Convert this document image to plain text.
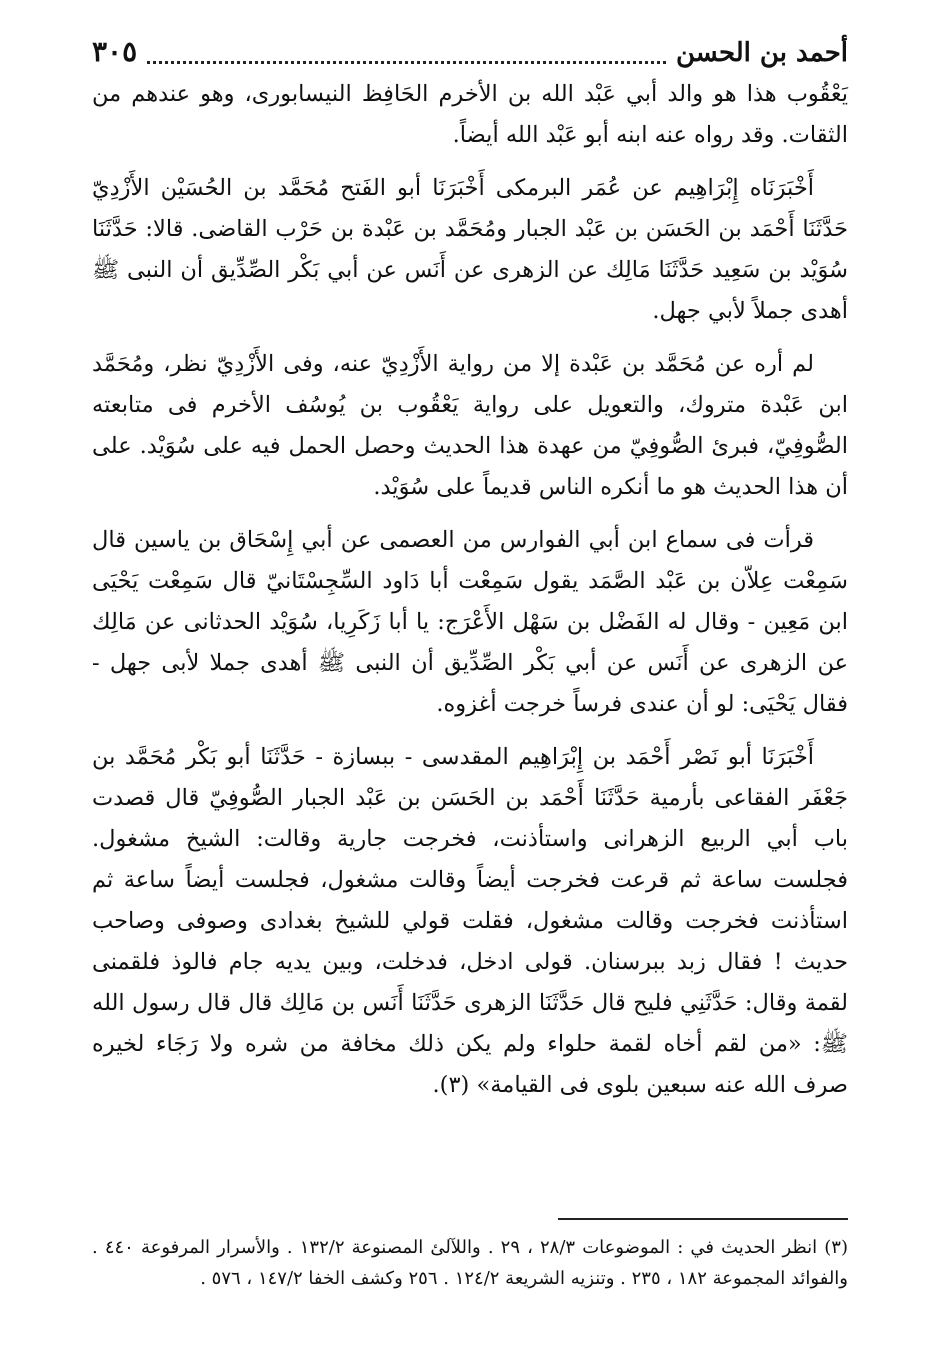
أحمد بن الحسن
٣٠٥

يَعْقُوب هذا هو والد أبي عَبْد الله بن الأخرم الحَافِظ النيسابورى، وهو عندهم من الثقات. وقد رواه عنه ابنه أبو عَبْد الله أيضاً.

أَخْبَرَنَاه إِبْرَاهِيم عن عُمَر البرمكى أَخْبَرَنَا أبو الفَتح مُحَمَّد بن الحُسَيْن الأَزْدِيّ حَدَّثَنَا أَحْمَد بن الحَسَن بن عَبْد الجبار ومُحَمَّد بن عَبْدة بن حَرْب القاضى. قالا: حَدَّثَنَا سُوَيْد بن سَعِيد حَدَّثَنَا مَالِك عن الزهرى عن أَنَس عن أبي بَكْر الصِّدِّيق أن النبى ﷺ أهدى جملاً لأبي جهل.

لم أره عن مُحَمَّد بن عَبْدة إلا من رواية الأَزْدِيّ عنه، وفى الأَزْدِيّ نظر، ومُحَمَّد ابن عَبْدة متروك، والتعويل على رواية يَعْقُوب بن يُوسُف الأخرم فى متابعته الصُّوفِيّ، فبرئ الصُّوفِيّ من عهدة هذا الحديث وحصل الحمل فيه على سُوَيْد. على أن هذا الحديث هو ما أنكره الناس قديماً على سُوَيْد.

قرأت فى سماع ابن أبي الفوارس من العصمى عن أبي إِسْحَاق بن ياسين قال سَمِعْت عِلاّن بن عَبْد الصَّمَد يقول سَمِعْت أبا دَاود السِّجِسْتَانيّ قال سَمِعْت يَحْيَى ابن مَعِين - وقال له الفَضْل بن سَهْل الأَعْرَج: يا أبا زَكَرِيا، سُوَيْد الحدثانى عن مَالِك عن الزهرى عن أَنَس عن أبي بَكْر الصِّدِّيق أن النبى ﷺ أهدى جملا لأبى جهل - فقال يَحْيَى: لو أن عندى فرساً خرجت أغزوه.

أَخْبَرَنَا أبو نَصْر أَحْمَد بن إِبْرَاهِيم المقدسى - ببسازة - حَدَّثَنَا أبو بَكْر مُحَمَّد بن جَعْفَر الفقاعى بأرمية حَدَّثَنَا أَحْمَد بن الحَسَن بن عَبْد الجبار الصُّوفِيّ قال قصدت باب أبي الربيع الزهرانى واستأذنت، فخرجت جارية وقالت: الشيخ مشغول. فجلست ساعة ثم قرعت فخرجت أيضاً وقالت مشغول، فجلست أيضاً ساعة ثم استأذنت فخرجت وقالت مشغول، فقلت قولي للشيخ بغدادى وصوفى وصاحب حديث ! فقال زبد ببرسنان. قولى ادخل، فدخلت، وبين يديه جام فالوذ فلقمنى لقمة وقال: حَدَّثَنِي فليح قال حَدَّثَنَا الزهرى حَدَّثَنَا أَنَس بن مَالِك قال قال رسول الله ﷺ: «من لقم أخاه لقمة حلواء ولم يكن ذلك مخافة من شره ولا رَجَاء لخيره صرف الله عنه سبعين بلوى فى القيامة» (٣).

(٣) انظر الحديث في : الموضوعات ٢٨/٣ ، ٢٩ . واللآلئ المصنوعة ١٣٢/٢ . والأسرار المرفوعة ٤٤٠ . والفوائد المجموعة ١٨٢ ، ٢٣٥ . وتنزيه الشريعة ١٢٤/٢ . ٢٥٦ وكشف الخفا ١٤٧/٢ ، ٥٧٦ .
